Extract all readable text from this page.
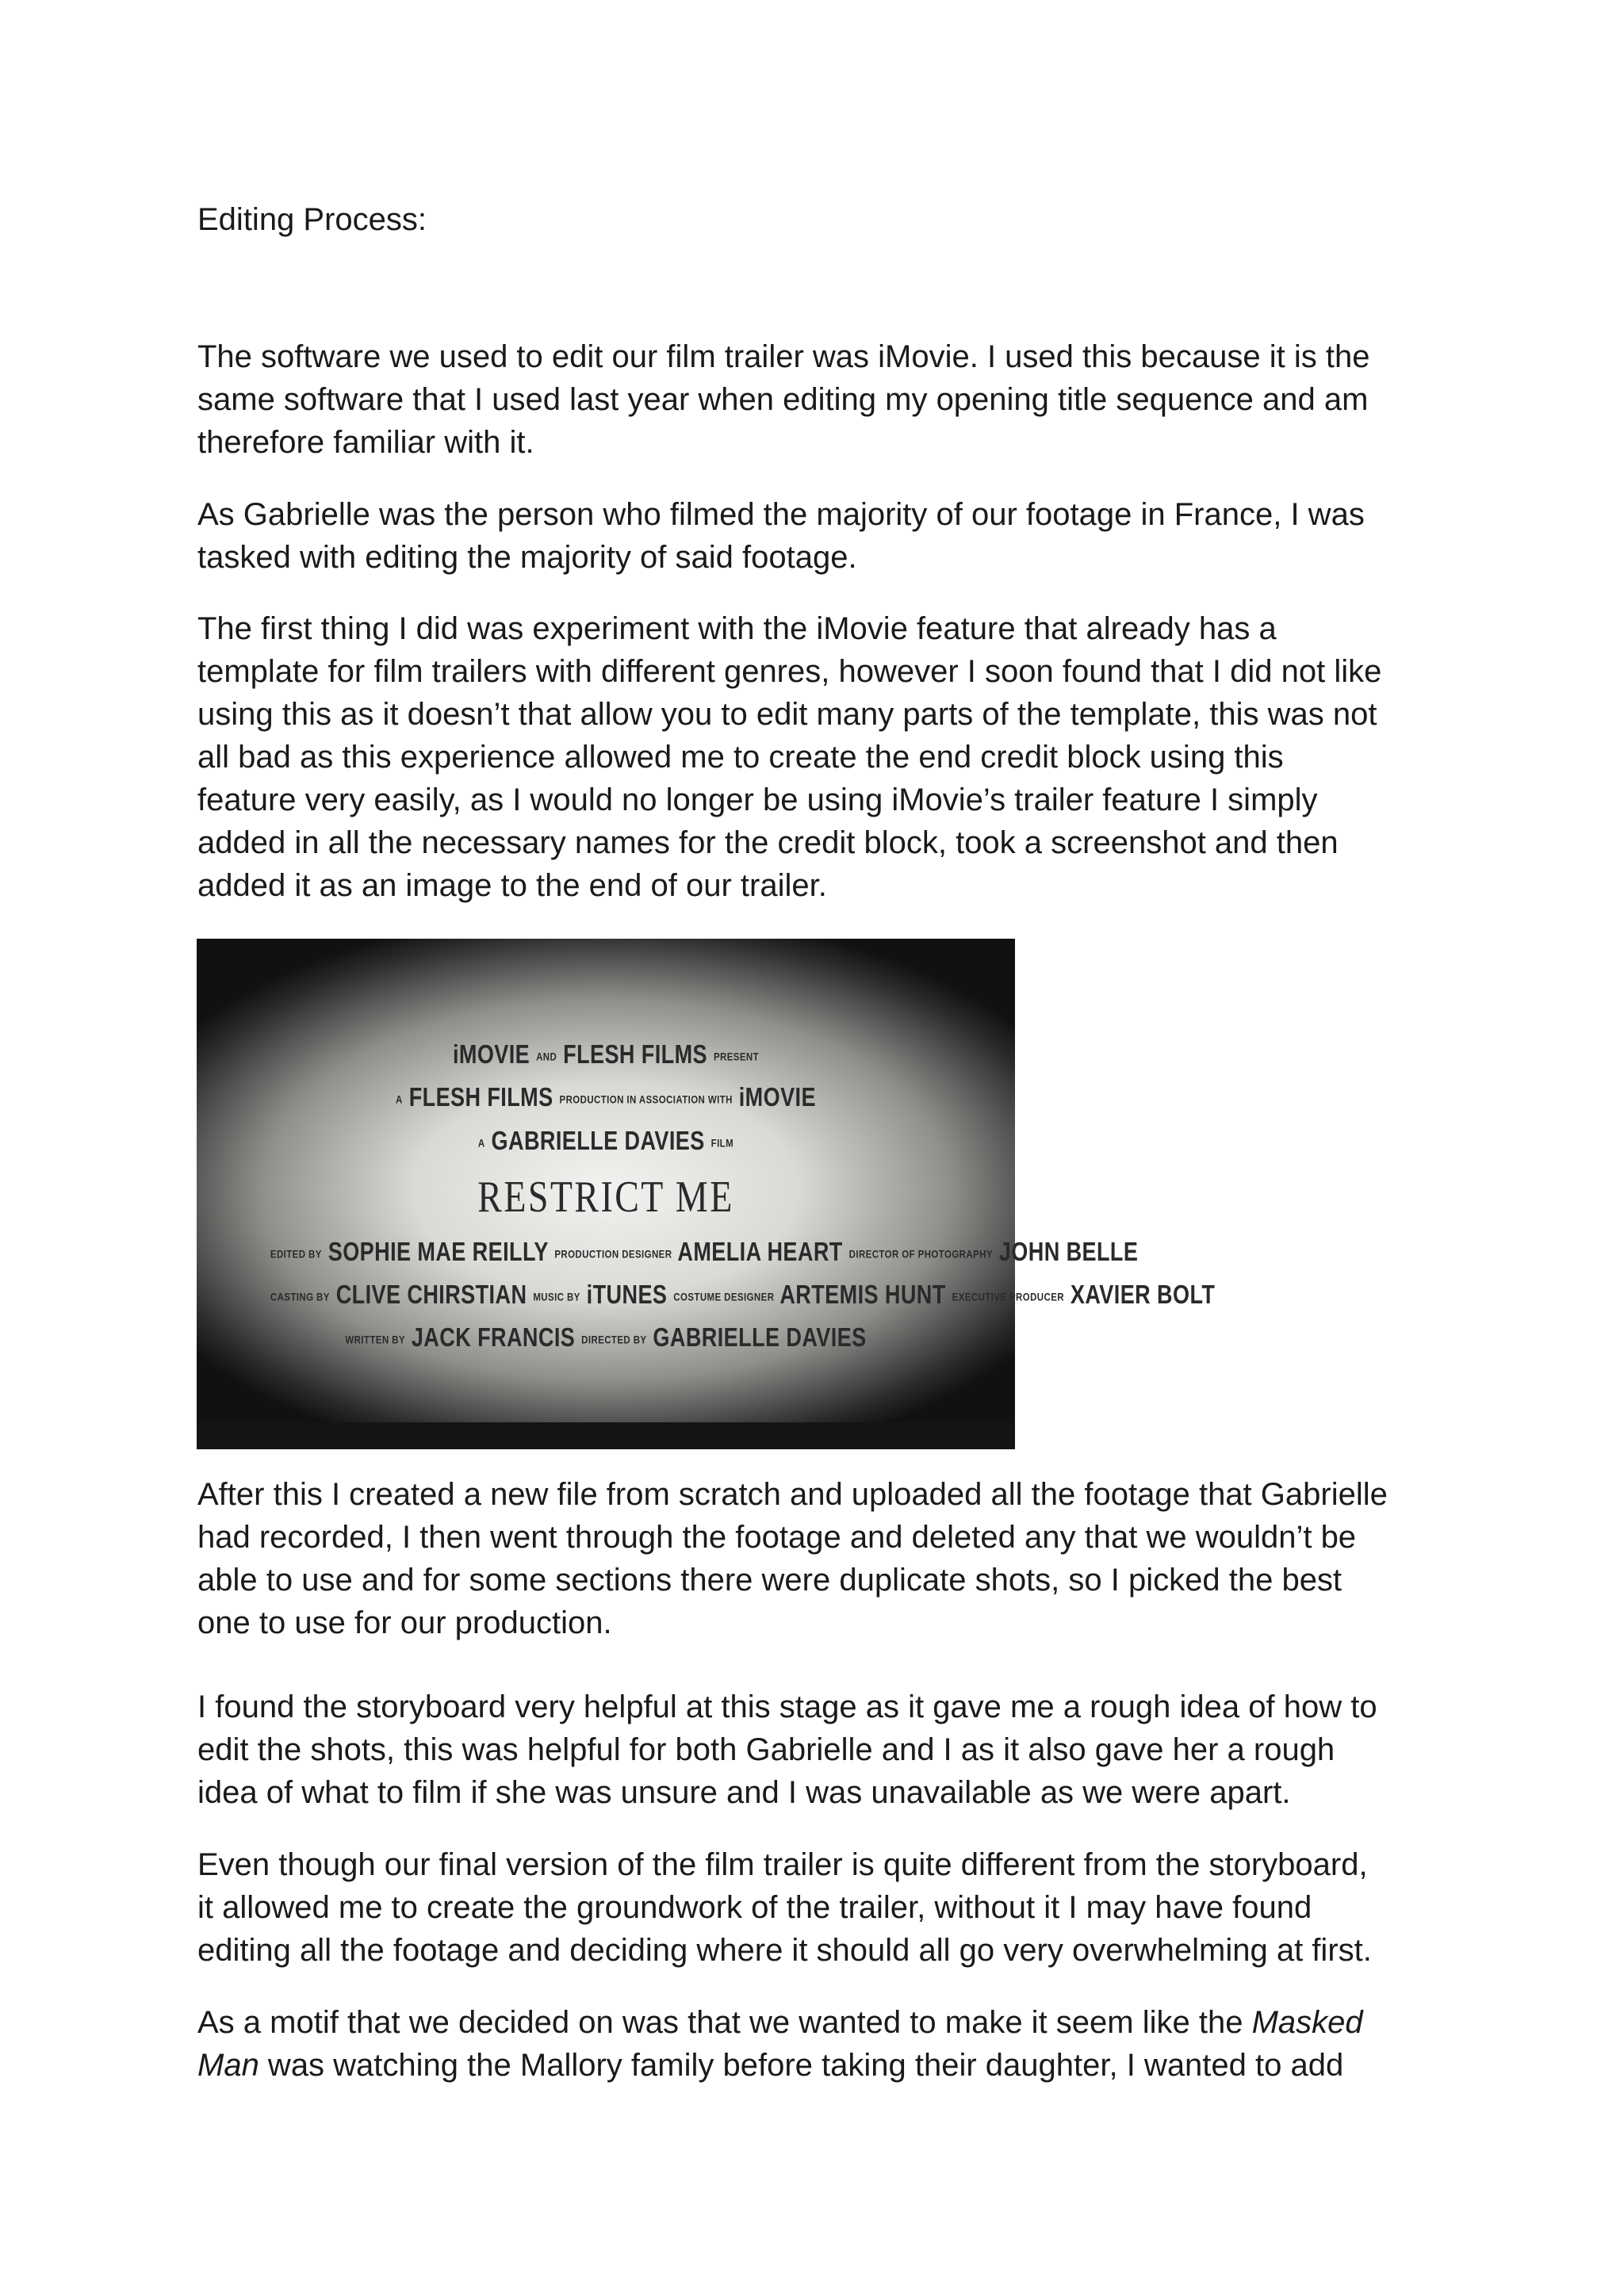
Editing Process:

The software we used to edit our film trailer was iMovie. I used this because it is the
same software that I used last year when editing my opening title sequence and am
therefore familiar with it.

As Gabrielle was the person who filmed the majority of our footage in France, I was
tasked with editing the majority of said footage.

The first thing I did was experiment with the iMovie feature that already has a
template for film trailers with different genres, however I soon found that I did not like
using this as it doesn’t that allow you to edit many parts of the template, this was not
all bad as this experience allowed me to create the end credit block using this
feature very easily, as I would no longer be using iMovie’s trailer feature I simply
added in all the necessary names for the credit block, took a screenshot and then
added it as an image to the end of our trailer.

iMOVIE AND FLESH FILMS PRESENT
A FLESH FILMS PRODUCTION IN ASSOCIATION WITH iMOVIE
A GABRIELLE DAVIES FILM
RESTRICT ME
EDITED BY SOPHIE MAE REILLY PRODUCTION DESIGNER AMELIA HEART DIRECTOR OF PHOTOGRAPHY JOHN BELLE
CASTING BY CLIVE CHIRSTIAN MUSIC BY iTUNES COSTUME DESIGNER ARTEMIS HUNT EXECUTIVE PRODUCER XAVIER BOLT
WRITTEN BY JACK FRANCIS DIRECTED BY GABRIELLE DAVIES

After this I created a new file from scratch and uploaded all the footage that Gabrielle
had recorded, I then went through the footage and deleted any that we wouldn’t be
able to use and for some sections there were duplicate shots, so I picked the best
one to use for our production.

I found the storyboard very helpful at this stage as it gave me a rough idea of how to
edit the shots, this was helpful for both Gabrielle and I as it also gave her a rough
idea of what to film if she was unsure and I was unavailable as we were apart.

Even though our final version of the film trailer is quite different from the storyboard,
it allowed me to create the groundwork of the trailer, without it I may have found
editing all the footage and deciding where it should all go very overwhelming at first.

As a motif that we decided on was that we wanted to make it seem like the Masked
Man was watching the Mallory family before taking their daughter, I wanted to add
